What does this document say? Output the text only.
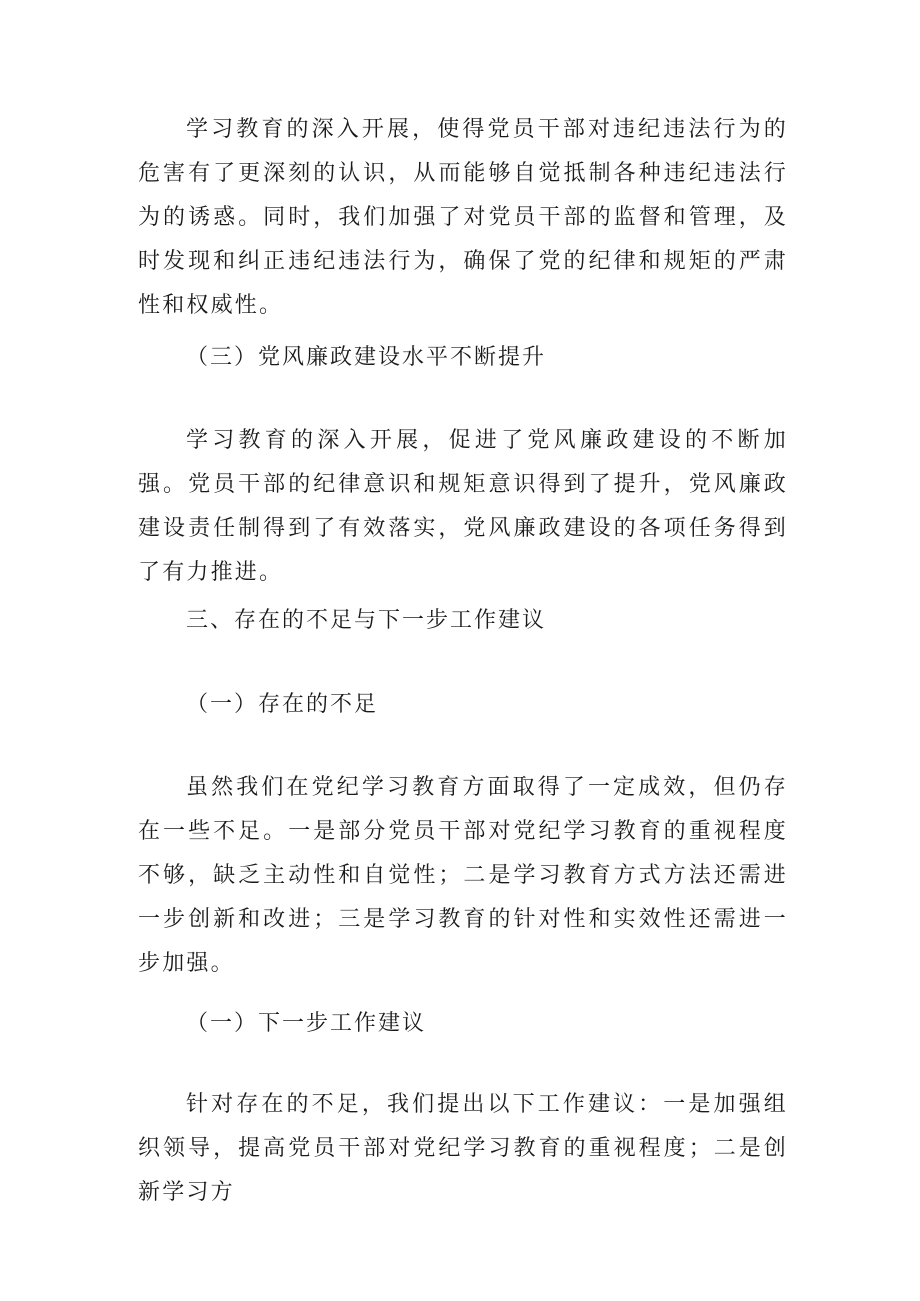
学习教育的深入开展，使得党员干部对违纪违法行为的危害有了更深刻的认识，从而能够自觉抵制各种违纪违法行为的诱惑。同时，我们加强了对党员干部的监督和管理，及时发现和纠正违纪违法行为，确保了党的纪律和规矩的严肃性和权威性。

（三）党风廉政建设水平不断提升

学习教育的深入开展，促进了党风廉政建设的不断加强。党员干部的纪律意识和规矩意识得到了提升，党风廉政建设责任制得到了有效落实，党风廉政建设的各项任务得到了有力推进。

三、存在的不足与下一步工作建议

（一）存在的不足

虽然我们在党纪学习教育方面取得了一定成效，但仍存在一些不足。一是部分党员干部对党纪学习教育的重视程度不够，缺乏主动性和自觉性；二是学习教育方式方法还需进一步创新和改进；三是学习教育的针对性和实效性还需进一步加强。

（一）下一步工作建议

针对存在的不足，我们提出以下工作建议：一是加强组织领导，提高党员干部对党纪学习教育的重视程度；二是创新学习方
